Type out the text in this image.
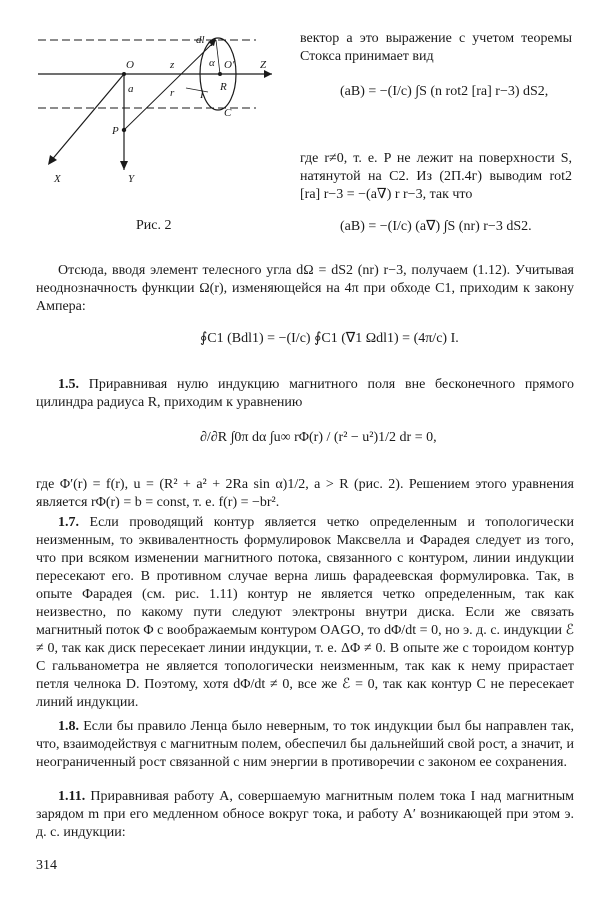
O	z
dl 1
α O′ Z
a	r I
R
C
P
X	Y
Рис. 2

вектор a это выражение с учетом теоремы Стокса принимает вид

(aB) = −(I/c) ∫S (n rot2 [ra] r−3) dS2,

где r≠0, т. е. P не лежит на поверхности S, натянутой на C2. Из (2П.4г) выводим rot2 [ra] r−3 = −(a∇) r r−3, так что

(aB) = −(I/c) (a∇) ∫S (nr) r−3 dS2.

Отсюда, вводя элемент телесного угла dΩ = dS2 (nr) r−3, получаем (1.12). Учитывая неоднозначность функции Ω(r), изменяющейся на 4π при обходе C1, приходим к закону Ампера:

∮C1 (Bdl1) = −(I/c) ∮C1 (∇1 Ωdl1) = (4π/c) I.

1.5. Приравнивая нулю индукцию магнитного поля вне бесконечного прямого цилиндра радиуса R, приходим к уравнению

∂/∂R ∫0π dα ∫u∞ rΦ(r) / (r² − u²)1/2 dr = 0,

где Φ′(r) = f(r), u = (R² + a² + 2Ra sin α)1/2, a > R (рис. 2). Решением этого уравнения является rΦ(r) = b = const, т. е. f(r) = −br².

1.7. Если проводящий контур является четко определенным и топологически неизменным, то эквивалентность формулировок Максвелла и Фарадея следует из того, что при всяком изменении магнитного потока, связанного с контуром, линии индукции пересекают его. В противном случае верна лишь фарадеевская формулировка. Так, в опыте Фарадея (см. рис. 1.11) контур не является четко определенным, так как неизвестно, по какому пути следуют электроны внутри диска. Если же связать магнитный поток Φ с воображаемым контуром OAGO, то dΦ/dt = 0, но э. д. с. индукции ℰ ≠ 0, так как диск пересекает линии индукции, т. е. ΔΦ ≠ 0. В опыте же с тороидом контур C гальванометра не является топологически неизменным, так как к нему прирастает петля челнока D. Поэтому, хотя dΦ/dt ≠ 0, все же ℰ = 0, так как контур C не пересекает линий индукции.

1.8. Если бы правило Ленца было неверным, то ток индукции был бы направлен так, что, взаимодействуя с магнитным полем, обеспечил бы дальнейший свой рост, а значит, и неограниченный рост связанной с ним энергии в противоречии с законом ее сохранения.

1.11. Приравнивая работу A, совершаемую магнитным полем тока I над магнитным зарядом m при его медленном обносе вокруг тока, и работу A′ возникающей при этом э. д. с. индукции:

314
